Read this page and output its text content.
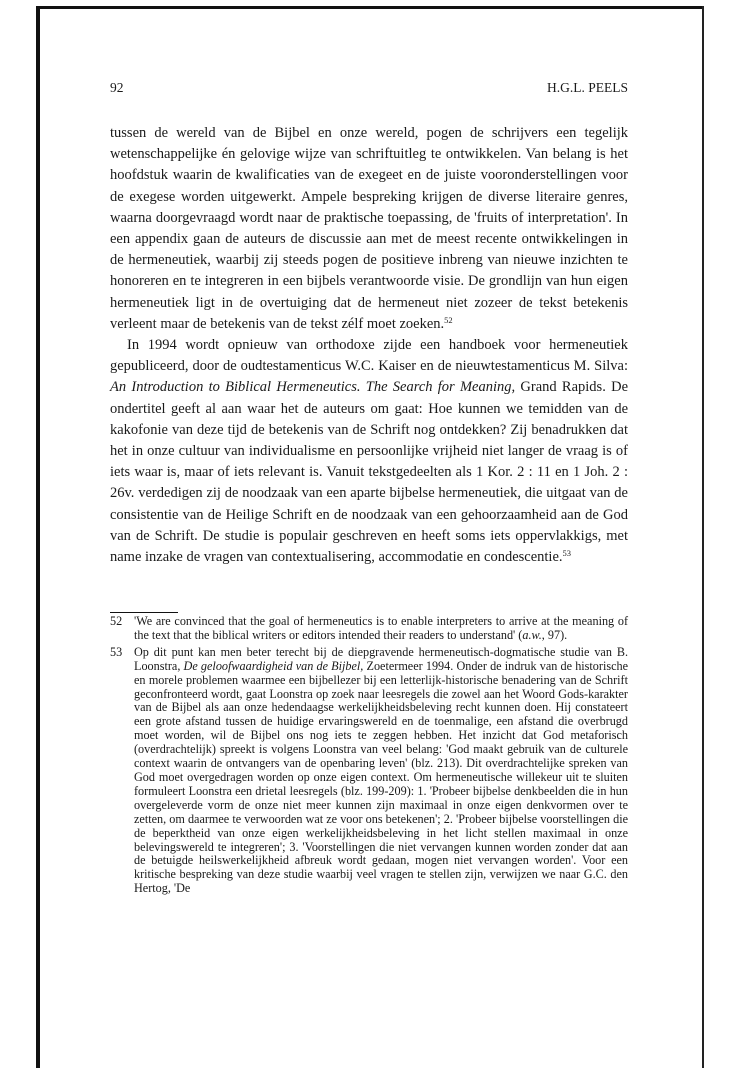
92	H.G.L. PEELS

tussen de wereld van de Bijbel en onze wereld, pogen de schrijvers een tegelijk wetenschappelijke én gelovige wijze van schriftuitleg te ontwikkelen. Van belang is het hoofdstuk waarin de kwalificaties van de exegeet en de juiste vooronderstellingen voor de exegese worden uitgewerkt. Ampele bespreking krijgen de diverse literaire genres, waarna doorgevraagd wordt naar de praktische toepassing, de 'fruits of interpretation'. In een appendix gaan de auteurs de discussie aan met de meest recente ontwikkelingen in de hermeneutiek, waarbij zij steeds pogen de positieve inbreng van nieuwe inzichten te honoreren en te integreren in een bijbels verantwoorde visie. De grondlijn van hun eigen hermeneutiek ligt in de overtuiging dat de hermeneut niet zozeer de tekst betekenis verleent maar de betekenis van de tekst zélf moet zoeken.$^{52}$

In 1994 wordt opnieuw van orthodoxe zijde een handboek voor hermeneutiek gepubliceerd, door de oudtestamenticus W.C. Kaiser en de nieuwtestamenticus M. Silva: An Introduction to Biblical Hermeneutics. The Search for Meaning, Grand Rapids. De ondertitel geeft al aan waar het de auteurs om gaat: Hoe kunnen we temidden van de kakofonie van deze tijd de betekenis van de Schrift nog ontdekken? Zij benadrukken dat het in onze cultuur van individualisme en persoonlijke vrijheid niet langer de vraag is of iets waar is, maar of iets relevant is. Vanuit tekstgedeelten als 1 Kor. 2 : 11 en 1 Joh. 2 : 26v. verdedigen zij de noodzaak van een aparte bijbelse hermeneutiek, die uitgaat van de consistentie van de Heilige Schrift en de noodzaak van een gehoorzaamheid aan de God van de Schrift. De studie is populair geschreven en heeft soms iets oppervlakkigs, met name inzake de vragen van contextualisering, accommodatie en condescentie.$^{53}$

52 'We are convinced that the goal of hermeneutics is to enable interpreters to arrive at the meaning of the text that the biblical writers or editors intended their readers to understand' (a.w., 97).
53 Op dit punt kan men beter terecht bij de diepgravende hermeneutisch-dogmatische studie van B. Loonstra, De geloofwaardigheid van de Bijbel, Zoetermeer 1994. Onder de indruk van de historische en morele problemen waarmee een bijbellezer bij een letterlijk-historische benadering van de Schrift geconfronteerd wordt, gaat Loonstra op zoek naar leesregels die zowel aan het Woord Gods-karakter van de Bijbel als aan onze hedendaagse werkelijkheidsbeleving recht kunnen doen. Hij constateert een grote afstand tussen de huidige ervaringswereld en de toenmalige, een afstand die overbrugd moet worden, wil de Bijbel ons nog iets te zeggen hebben. Het inzicht dat God metaforisch (overdrachtelijk) spreekt is volgens Loonstra van veel belang: 'God maakt gebruik van de culturele context waarin de ontvangers van de openbaring leven' (blz. 213). Dit overdrachtelijke spreken van God moet overgedragen worden op onze eigen context. Om hermeneutische willekeur uit te sluiten formuleert Loonstra een drietal leesregels (blz. 199-209): 1. 'Probeer bijbelse denkbeelden die in hun overgeleverde vorm de onze niet meer kunnen zijn maximaal in onze eigen denkvormen over te zetten, om daarmee te verwoorden wat ze voor ons betekenen'; 2. 'Probeer bijbelse voorstellingen die de beperktheid van onze eigen werkelijkheidsbeleving in het licht stellen maximaal in onze belevingswereld te integreren'; 3. 'Voorstellingen die niet vervangen kunnen worden zonder dat aan de betuigde heilswerkelijkheid afbreuk wordt gedaan, mogen niet vervangen worden'. Voor een kritische bespreking van deze studie waarbij veel vragen te stellen zijn, verwijzen we naar G.C. den Hertog, 'De
